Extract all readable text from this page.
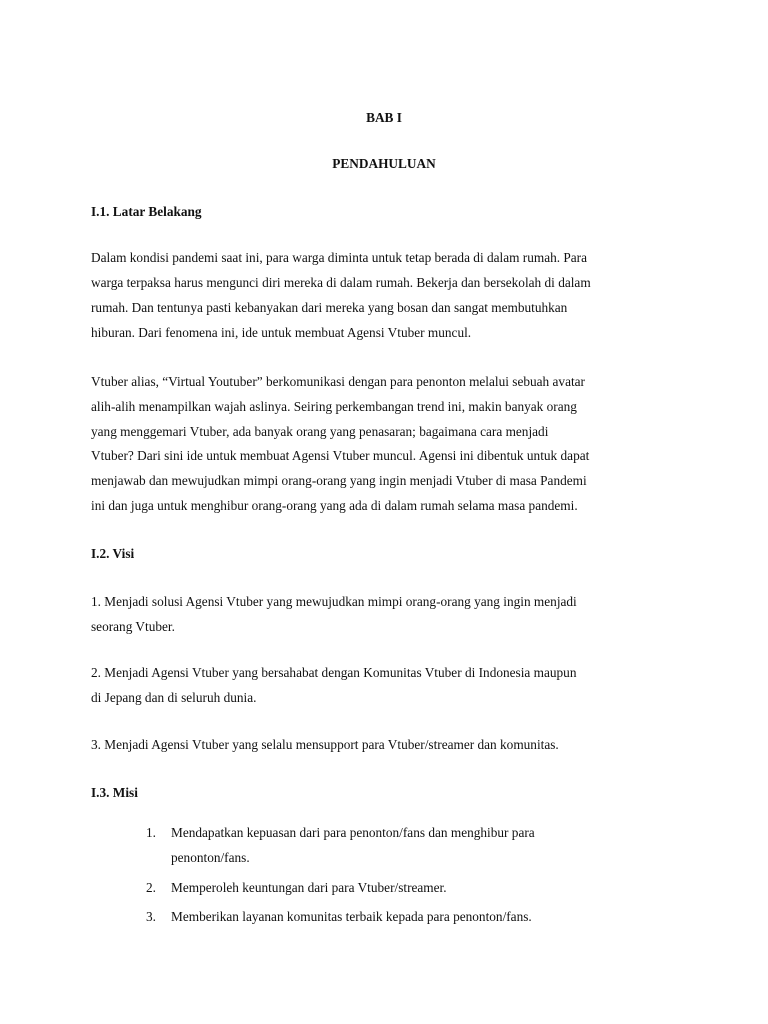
BAB I

PENDAHULUAN

I.1. Latar Belakang

Dalam kondisi pandemi saat ini, para warga diminta untuk tetap berada di dalam rumah. Para

warga terpaksa harus mengunci diri mereka di dalam rumah. Bekerja dan bersekolah di dalam

rumah. Dan tentunya pasti kebanyakan dari mereka yang bosan dan sangat membutuhkan

hiburan. Dari fenomena ini, ide untuk membuat Agensi Vtuber muncul.

Vtuber alias, “Virtual Youtuber” berkomunikasi dengan para penonton melalui sebuah avatar

alih-alih menampilkan wajah aslinya. Seiring perkembangan trend ini, makin banyak orang

yang menggemari Vtuber, ada banyak orang yang penasaran; bagaimana cara menjadi

Vtuber? Dari sini ide untuk membuat Agensi Vtuber muncul. Agensi ini dibentuk untuk dapat

menjawab dan mewujudkan mimpi orang-orang yang ingin menjadi Vtuber di masa Pandemi

ini dan juga untuk menghibur orang-orang yang ada di dalam rumah selama masa pandemi.

I.2. Visi

1. Menjadi solusi Agensi Vtuber yang mewujudkan mimpi orang-orang yang ingin menjadi

seorang Vtuber.

2. Menjadi Agensi Vtuber yang bersahabat dengan Komunitas Vtuber di Indonesia maupun

di Jepang dan di seluruh dunia.

3. Menjadi Agensi Vtuber yang selalu mensupport para Vtuber/streamer dan komunitas.

I.3. Misi

1.	Mendapatkan kepuasan dari para penonton/fans dan menghibur para
penonton/fans.
2.	Memperoleh keuntungan dari para Vtuber/streamer.
3.	Memberikan layanan komunitas terbaik kepada para penonton/fans.
